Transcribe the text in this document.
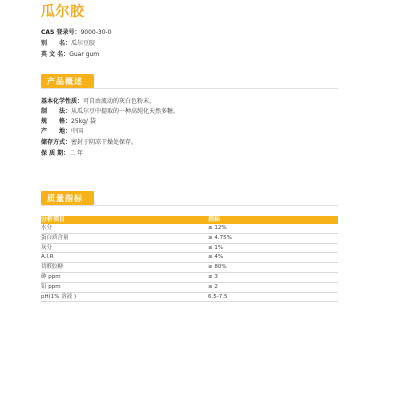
瓜尔胶
CAS 登录号：9000-30-0
别　　名：瓜尔豆胶
英 文 名：Guar gum
产品概述
基本化学性质：可自由流动的灰白色粉末。
制　　法：从瓜尔豆中提取的一种高纯化天然多糖。
规　　格：25kg/ 袋
产　　地：中国
储存方式：密封于阴凉干燥处保存。
保 质 期：二 年
质量指标
分析项目	指标
水分	≤ 12%
蛋白质含量	≤ 4.75%
灰分	≤ 1%
A.I.R	≤ 4%
切醛胶糖	≥ 80%
砷 ppm	≤ 3
铅 ppm	≤ 2
pH(1% 溶液 )	6.5-7.5
